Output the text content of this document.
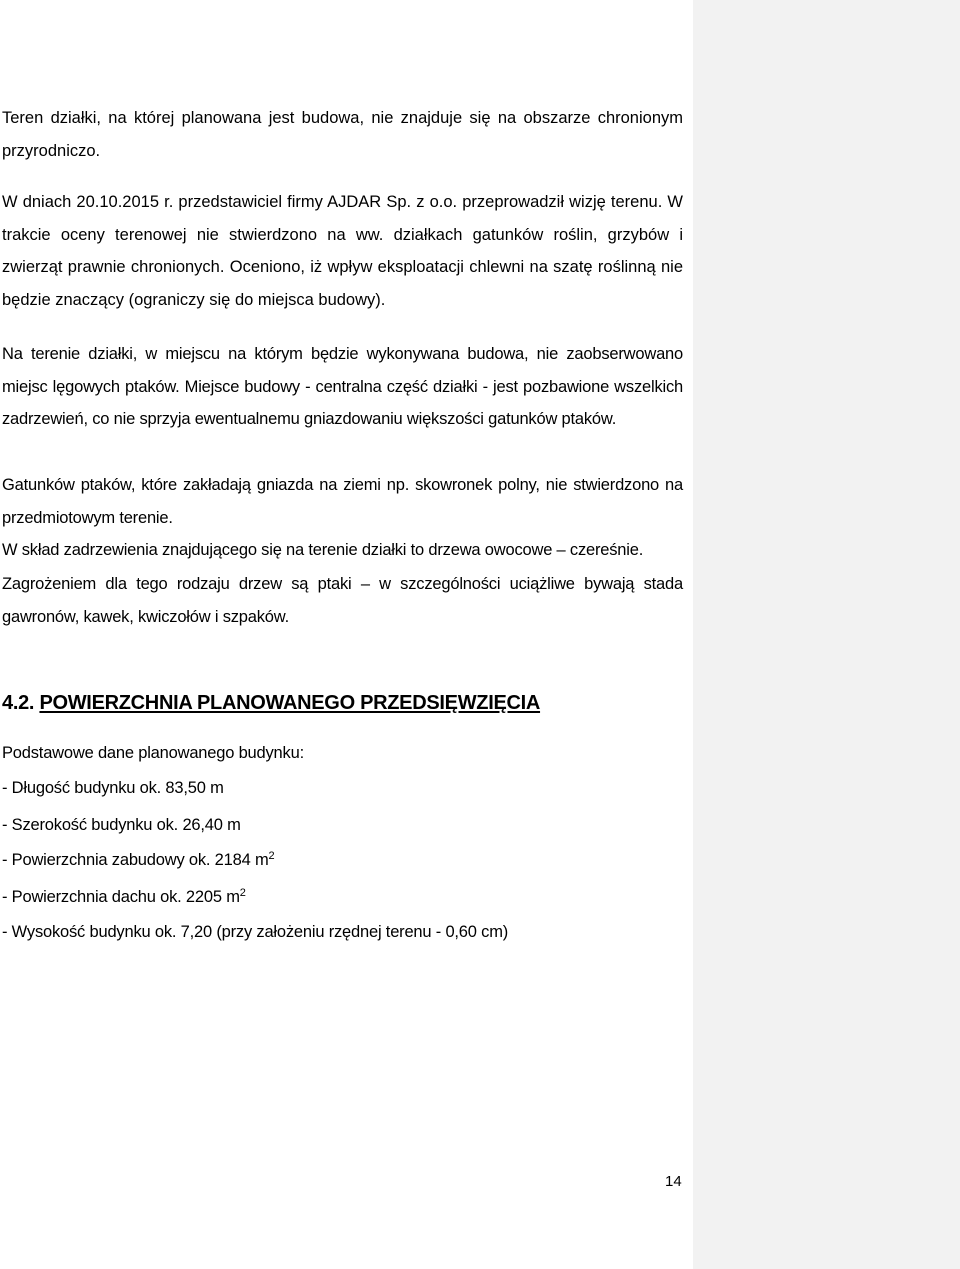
Teren działki, na której planowana jest budowa, nie znajduje się na obszarze chronionym przyrodniczo.

W dniach 20.10.2015 r. przedstawiciel firmy AJDAR Sp. z o.o. przeprowadził wizję terenu. W trakcie oceny terenowej nie stwierdzono na ww. działkach gatunków roślin, grzybów i zwierząt prawnie chronionych. Oceniono, iż wpływ eksploatacji chlewni na szatę roślinną nie będzie znaczący (ograniczy się do miejsca budowy).

Na terenie działki, w miejscu na którym będzie wykonywana budowa, nie zaobserwowano miejsc lęgowych ptaków. Miejsce budowy - centralna część działki - jest pozbawione wszelkich zadrzewień, co nie sprzyja ewentualnemu gniazdowaniu większości gatunków ptaków.

Gatunków ptaków, które zakładają gniazda na ziemi np. skowronek polny, nie stwierdzono na przedmiotowym terenie.

W skład zadrzewienia znajdującego się na terenie działki to drzewa owocowe – czereśnie.

Zagrożeniem dla tego rodzaju drzew są ptaki – w szczególności uciążliwe bywają stada gawronów, kawek, kwiczołów i szpaków.

4.2. POWIERZCHNIA PLANOWANEGO PRZEDSIĘWZIĘCIA

Podstawowe dane planowanego budynku:

- Długość budynku ok. 83,50 m

- Szerokość budynku ok. 26,40 m

- Powierzchnia zabudowy ok. 2184 $m^2$

- Powierzchnia dachu ok. 2205 $m^2$

- Wysokość budynku ok. 7,20 (przy założeniu rzędnej terenu - 0,60 cm)

14
